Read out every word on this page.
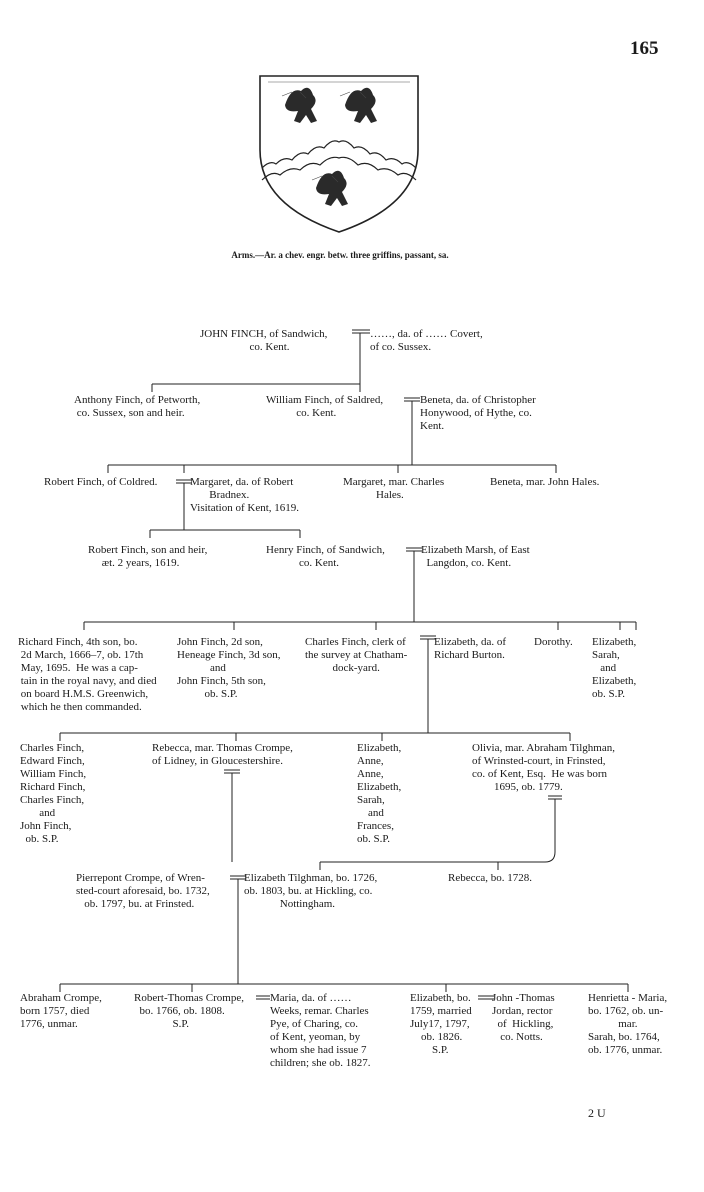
165
Arms.—Ar. a chev. engr. betw. three griffins, passant, sa.
JOHN FINCH, of Sandwich,
co. Kent.
……, da. of …… Covert,
of co. Sussex.
Anthony Finch, of Petworth,
co. Sussex, son and heir.
William Finch, of Saldred,
co. Kent.
Beneta, da. of Christopher
Honywood, of Hythe, co.
Kent.
Robert Finch, of Coldred.	Margaret, da. of Robert
Bradnex.
Visitation of Kent, 1619.
Margaret, mar. Charles
Hales.
Beneta, mar. John Hales.
Robert Finch, son and heir,
æt. 2 years, 1619.
Henry Finch, of Sandwich,
co. Kent.
Elizabeth Marsh, of East
Langdon, co. Kent.
Richard Finch, 4th son, bo.
2d March, 1666–7, ob. 17th
May, 1695.  He was a cap-
tain in the royal navy, and died
on board H.M.S. Greenwich,
which he then commanded.
John Finch, 2d son,
Heneage Finch, 3d son,
and
John Finch, 5th son,
ob. S.P.
Charles Finch, clerk of
the survey at Chatham-
dock-yard.
Elizabeth, da. of
Richard Burton.
Dorothy. Elizabeth,
Sarah,
and
Elizabeth,
ob. S.P.
Charles Finch,
Edward Finch,
William Finch,
Richard Finch,
Charles Finch,
and
John Finch,
ob. S.P.
Rebecca, mar. Thomas Crompe,
of Lidney, in Gloucestershire.
Elizabeth,
Anne,
Anne,
Elizabeth,
Sarah,
and
Frances,
ob. S.P.
Olivia, mar. Abraham Tilghman,
of Wrinsted-court, in Frinsted,
co. of Kent, Esq.  He was born
1695, ob. 1779.
Pierrepont Crompe, of Wren-
sted-court aforesaid, bo. 1732,
ob. 1797, bu. at Frinsted.
Elizabeth Tilghman, bo. 1726,
ob. 1803, bu. at Hickling, co.
Nottingham.
Rebecca, bo. 1728.
Abraham Crompe,
born 1757, died
1776, unmar.
Robert-Thomas Crompe,
bo. 1766, ob. 1808.
S.P.
Maria, da. of ……
Weeks, remar. Charles
Pye, of Charing, co.
of Kent, yeoman, by
whom she had issue 7
children; she ob. 1827.
Elizabeth, bo.
1759, married
July17, 1797,
ob. 1826.
S.P.
John -Thomas
Jordan, rector
of  Hickling,
co. Notts.
Henrietta - Maria,
bo. 1762, ob. un-
mar.
Sarah, bo. 1764,
ob. 1776, unmar.
2 U
